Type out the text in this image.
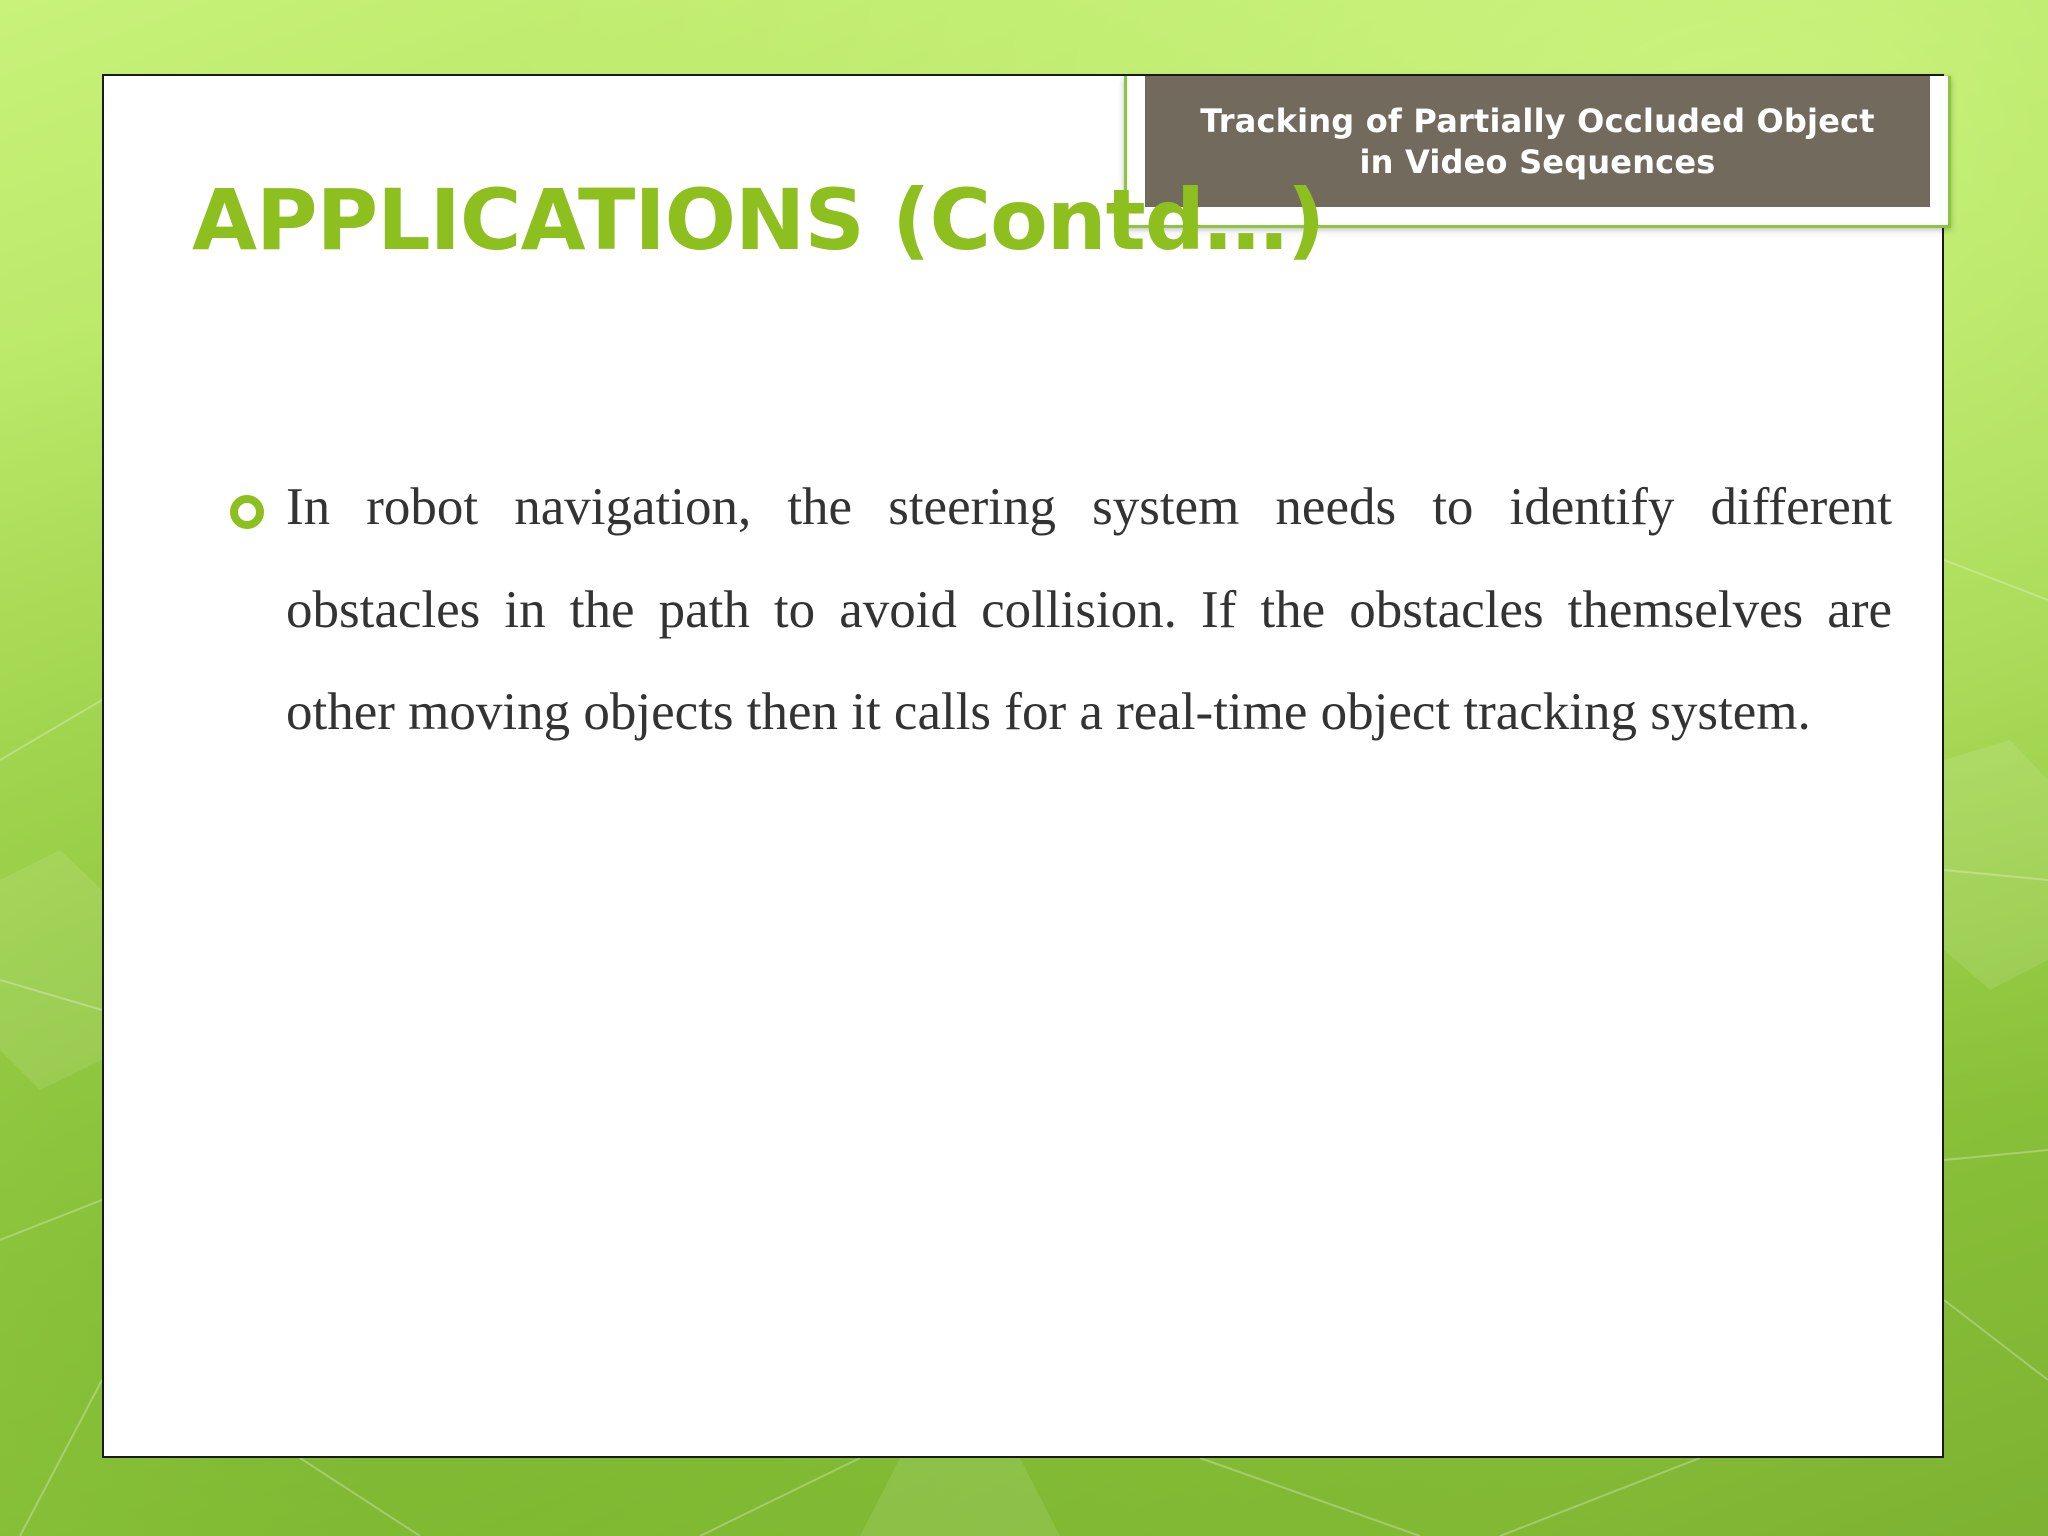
Tracking of Partially Occluded Object in Video Sequences
APPLICATIONS (Contd…)
In robot navigation, the steering system needs to identify different obstacles in the path to avoid collision. If the obstacles themselves are other moving objects then it calls for a real-time object tracking system.
